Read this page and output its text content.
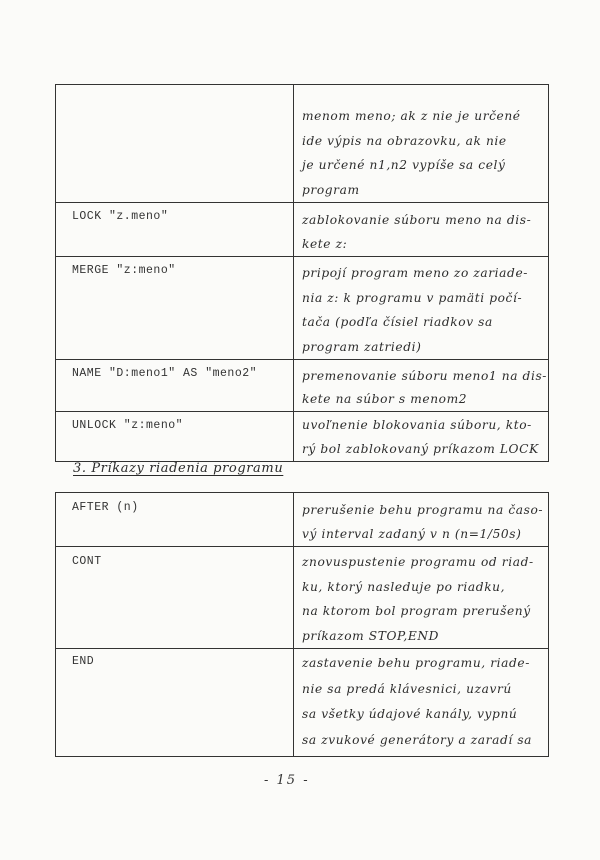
	menom meno; ak z nie je určené
ide výpis na obrazovku, ak nie
je určené n1,n2 vypíše sa celý
program

LOCK "z.meno"	zablokovanie súboru meno na dis-
kete z:

MERGE "z:meno"	pripojí program meno zo zariade-
nia z: k programu v pamäti počí-
tača (podľa čísiel riadkov sa
program zatriedi)

NAME "D:meno1" AS "meno2"	premenovanie súboru meno1 na dis-
kete na súbor s menom2

UNLOCK "z:meno"	uvoľnenie blokovania súboru, kto-
rý bol zablokovaný príkazom LOCK
3. Príkazy riadenia programu
AFTER (n)	prerušenie behu programu na časo-
vý interval zadaný v n (n=1/50s)

CONT	znovuspustenie programu od riad-
ku, ktorý nasleduje po riadku,
na ktorom bol program prerušený
príkazom STOP,END

END	zastavenie behu programu, riade-
nie sa predá klávesnici, uzavrú
sa všetky údajové kanály, vypnú
sa zvukové generátory a zaradí sa
- 15 -
